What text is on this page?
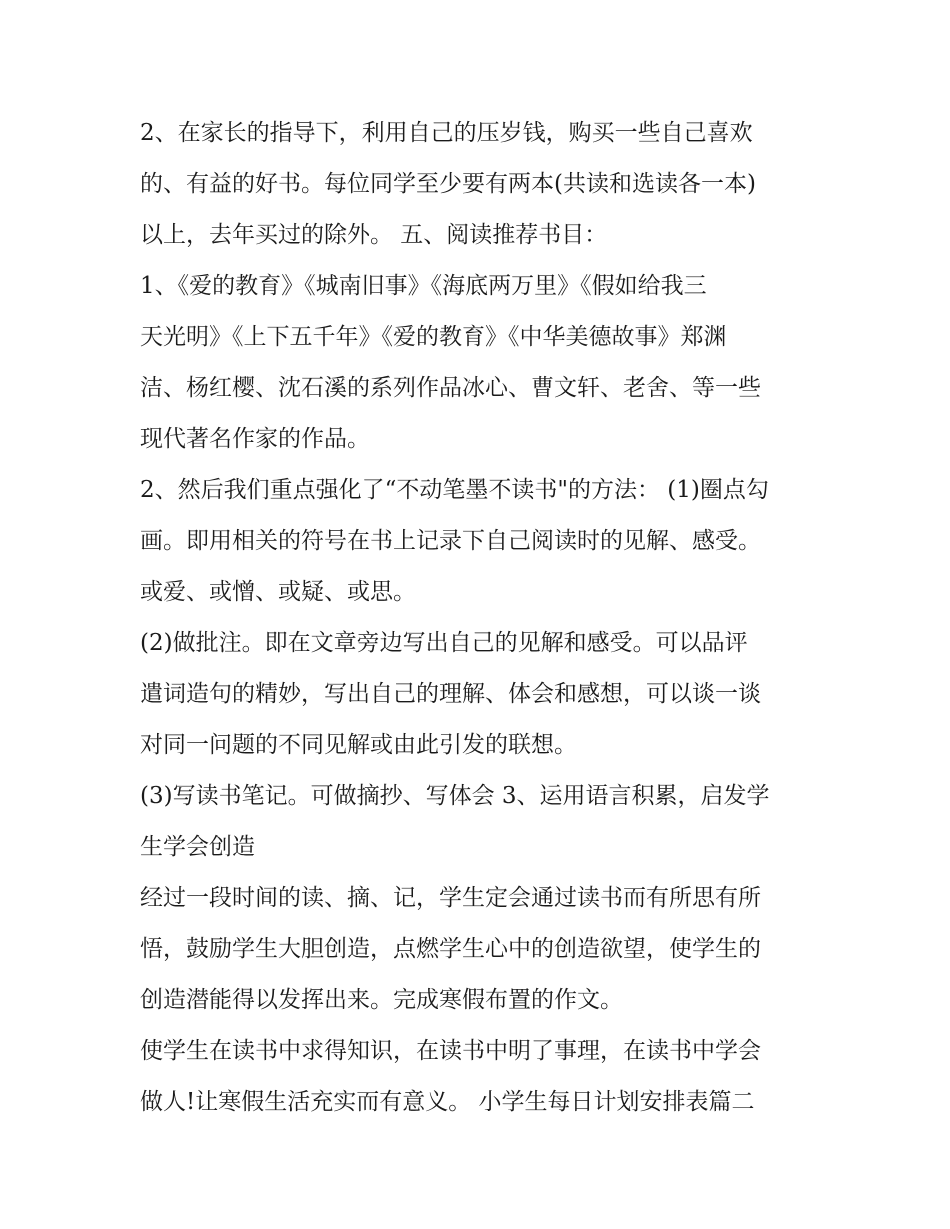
2、在家长的指导下，利用自己的压岁钱，购买一些自己喜欢
的、有益的好书。每位同学至少要有两本(共读和选读各一本)
以上，去年买过的除外。 五、阅读推荐书目：
1、《爱的教育》《城南旧事》《海底两万里》《假如给我三
天光明》《上下五千年》《爱的教育》《中华美德故事》郑渊
洁、杨红樱、沈石溪的系列作品冰心、曹文轩、老舍、等一些
现代著名作家的作品。
2、然后我们重点强化了“不动笔墨不读书"的方法： (1)圈点勾
画。即用相关的符号在书上记录下自己阅读时的见解、感受。
或爱、或憎、或疑、或思。
(2)做批注。即在文章旁边写出自己的见解和感受。可以品评
遣词造句的精妙，写出自己的理解、体会和感想，可以谈一谈
对同一问题的不同见解或由此引发的联想。
(3)写读书笔记。可做摘抄、写体会 3、运用语言积累，启发学
生学会创造
经过一段时间的读、摘、记，学生定会通过读书而有所思有所
悟，鼓励学生大胆创造，点燃学生心中的创造欲望，使学生的
创造潜能得以发挥出来。完成寒假布置的作文。
使学生在读书中求得知识，在读书中明了事理，在读书中学会
做人!让寒假生活充实而有意义。 小学生每日计划安排表篇二
